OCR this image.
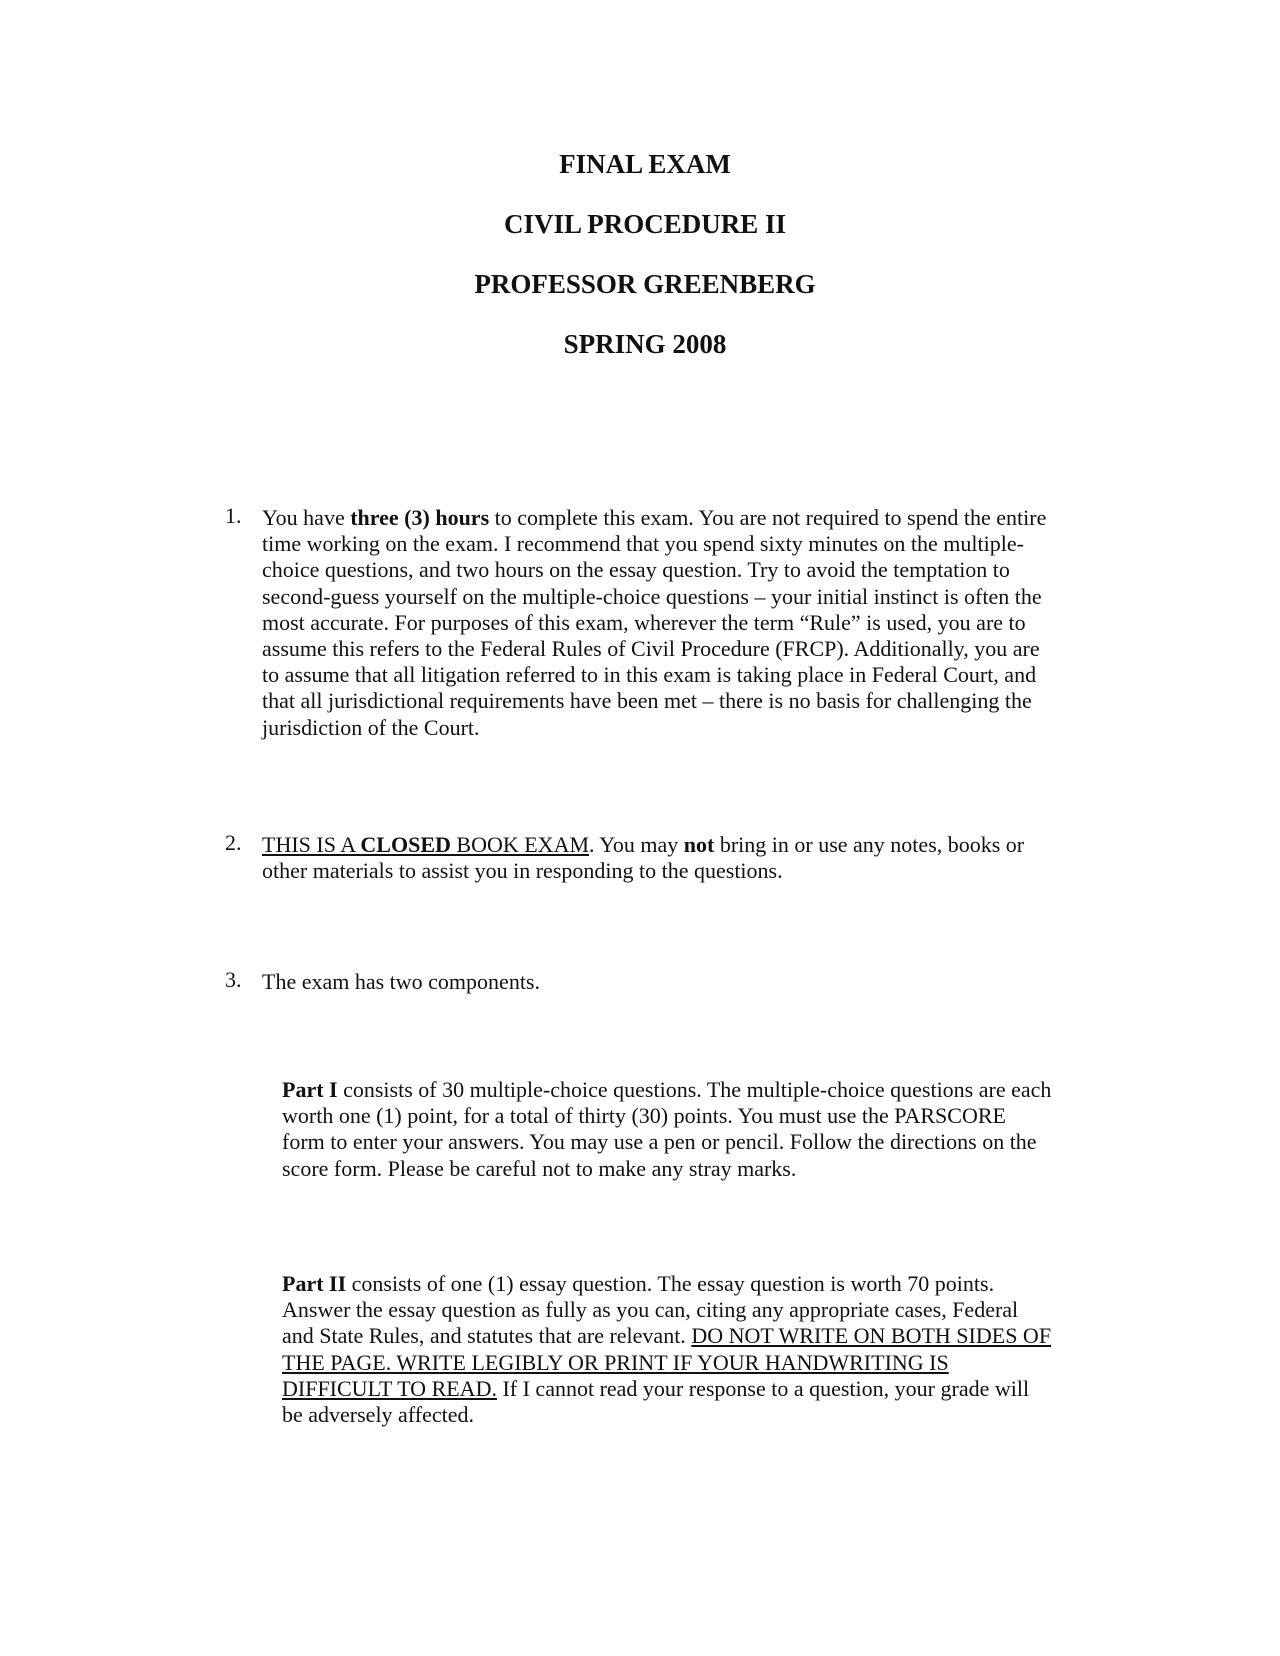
FINAL EXAM
CIVIL PROCEDURE II
PROFESSOR GREENBERG
SPRING 2008
1. You have three (3) hours to complete this exam. You are not required to spend the entire
time working on the exam. I recommend that you spend sixty minutes on the multiple-
choice questions, and two hours on the essay question. Try to avoid the temptation to
second-guess yourself on the multiple-choice questions – your initial instinct is often the
most accurate. For purposes of this exam, wherever the term “Rule” is used, you are to
assume this refers to the Federal Rules of Civil Procedure (FRCP). Additionally, you are
to assume that all litigation referred to in this exam is taking place in Federal Court, and
that all jurisdictional requirements have been met – there is no basis for challenging the
jurisdiction of the Court.
2. THIS IS A CLOSED BOOK EXAM. You may not bring in or use any notes, books or
other materials to assist you in responding to the questions.
3. The exam has two components.
Part I consists of 30 multiple-choice questions. The multiple-choice questions are each
worth one (1) point, for a total of thirty (30) points. You must use the PARSCORE
form to enter your answers. You may use a pen or pencil. Follow the directions on the
score form. Please be careful not to make any stray marks.
Part II consists of one (1) essay question. The essay question is worth 70 points.
Answer the essay question as fully as you can, citing any appropriate cases, Federal
and State Rules, and statutes that are relevant. DO NOT WRITE ON BOTH SIDES OF
THE PAGE. WRITE LEGIBLY OR PRINT IF YOUR HANDWRITING IS
DIFFICULT TO READ. If I cannot read your response to a question, your grade will
be adversely affected.
